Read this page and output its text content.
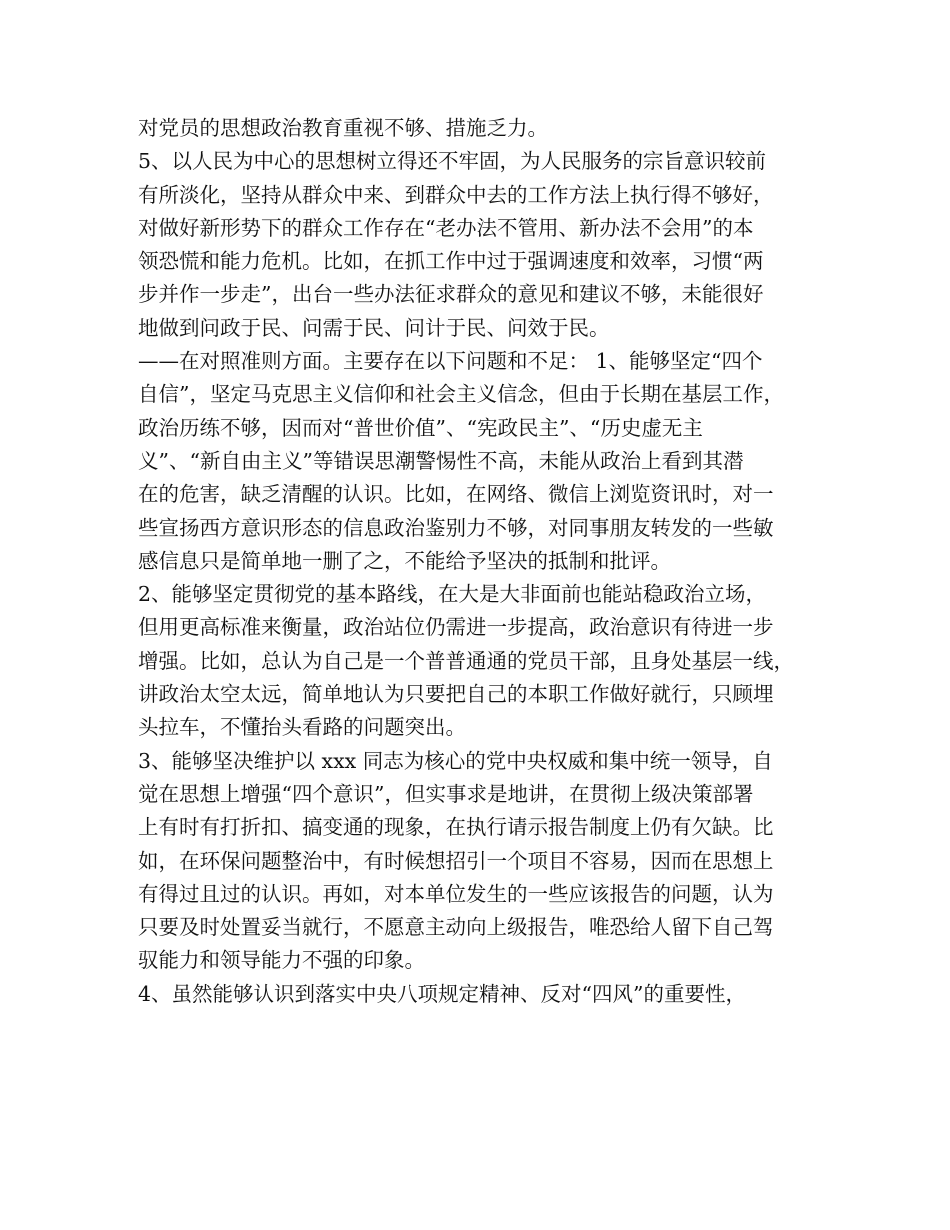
对党员的思想政治教育重视不够、措施乏力。
5、以人民为中心的思想树立得还不牢固，为人民服务的宗旨意识较前
有所淡化，坚持从群众中来、到群众中去的工作方法上执行得不够好，
对做好新形势下的群众工作存在“老办法不管用、新办法不会用”的本
领恐慌和能力危机。比如，在抓工作中过于强调速度和效率，习惯“两
步并作一步走”，出台一些办法征求群众的意见和建议不够，未能很好
地做到问政于民、问需于民、问计于民、问效于民。
——在对照准则方面。主要存在以下问题和不足： 1、能够坚定“四个
自信”，坚定马克思主义信仰和社会主义信念，但由于长期在基层工作，
政治历练不够，因而对“普世价值”、“宪政民主”、“历史虚无主
义”、“新自由主义”等错误思潮警惕性不高，未能从政治上看到其潜
在的危害，缺乏清醒的认识。比如，在网络、微信上浏览资讯时，对一
些宣扬西方意识形态的信息政治鉴别力不够，对同事朋友转发的一些敏
感信息只是简单地一删了之，不能给予坚决的抵制和批评。
2、能够坚定贯彻党的基本路线，在大是大非面前也能站稳政治立场，
但用更高标准来衡量，政治站位仍需进一步提高，政治意识有待进一步
增强。比如，总认为自己是一个普普通通的党员干部，且身处基层一线，
讲政治太空太远，简单地认为只要把自己的本职工作做好就行，只顾埋
头拉车，不懂抬头看路的问题突出。
3、能够坚决维护以 xxx 同志为核心的党中央权威和集中统一领导，自
觉在思想上增强“四个意识”，但实事求是地讲，在贯彻上级决策部署
上有时有打折扣、搞变通的现象，在执行请示报告制度上仍有欠缺。比
如，在环保问题整治中，有时候想招引一个项目不容易，因而在思想上
有得过且过的认识。再如，对本单位发生的一些应该报告的问题，认为
只要及时处置妥当就行，不愿意主动向上级报告，唯恐给人留下自己驾
驭能力和领导能力不强的印象。
4、虽然能够认识到落实中央八项规定精神、反对“四风”的重要性，
